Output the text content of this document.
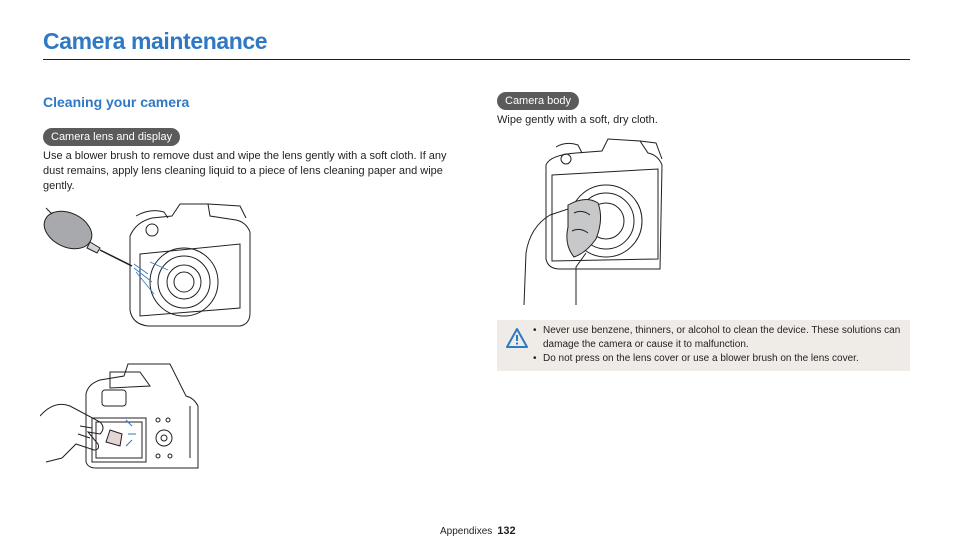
Camera maintenance
Cleaning your camera
Camera lens and display

Use a blower brush to remove dust and wipe the lens gently with a soft cloth. If any dust remains, apply lens cleaning liquid to a piece of lens cleaning paper and wipe gently.

Camera body

Wipe gently with a soft, dry cloth.

• Never use benzene, thinners, or alcohol to clean the device. These solutions can damage the camera or cause it to malfunction.
• Do not press on the lens cover or use a blower brush on the lens cover.
Appendixes 132
